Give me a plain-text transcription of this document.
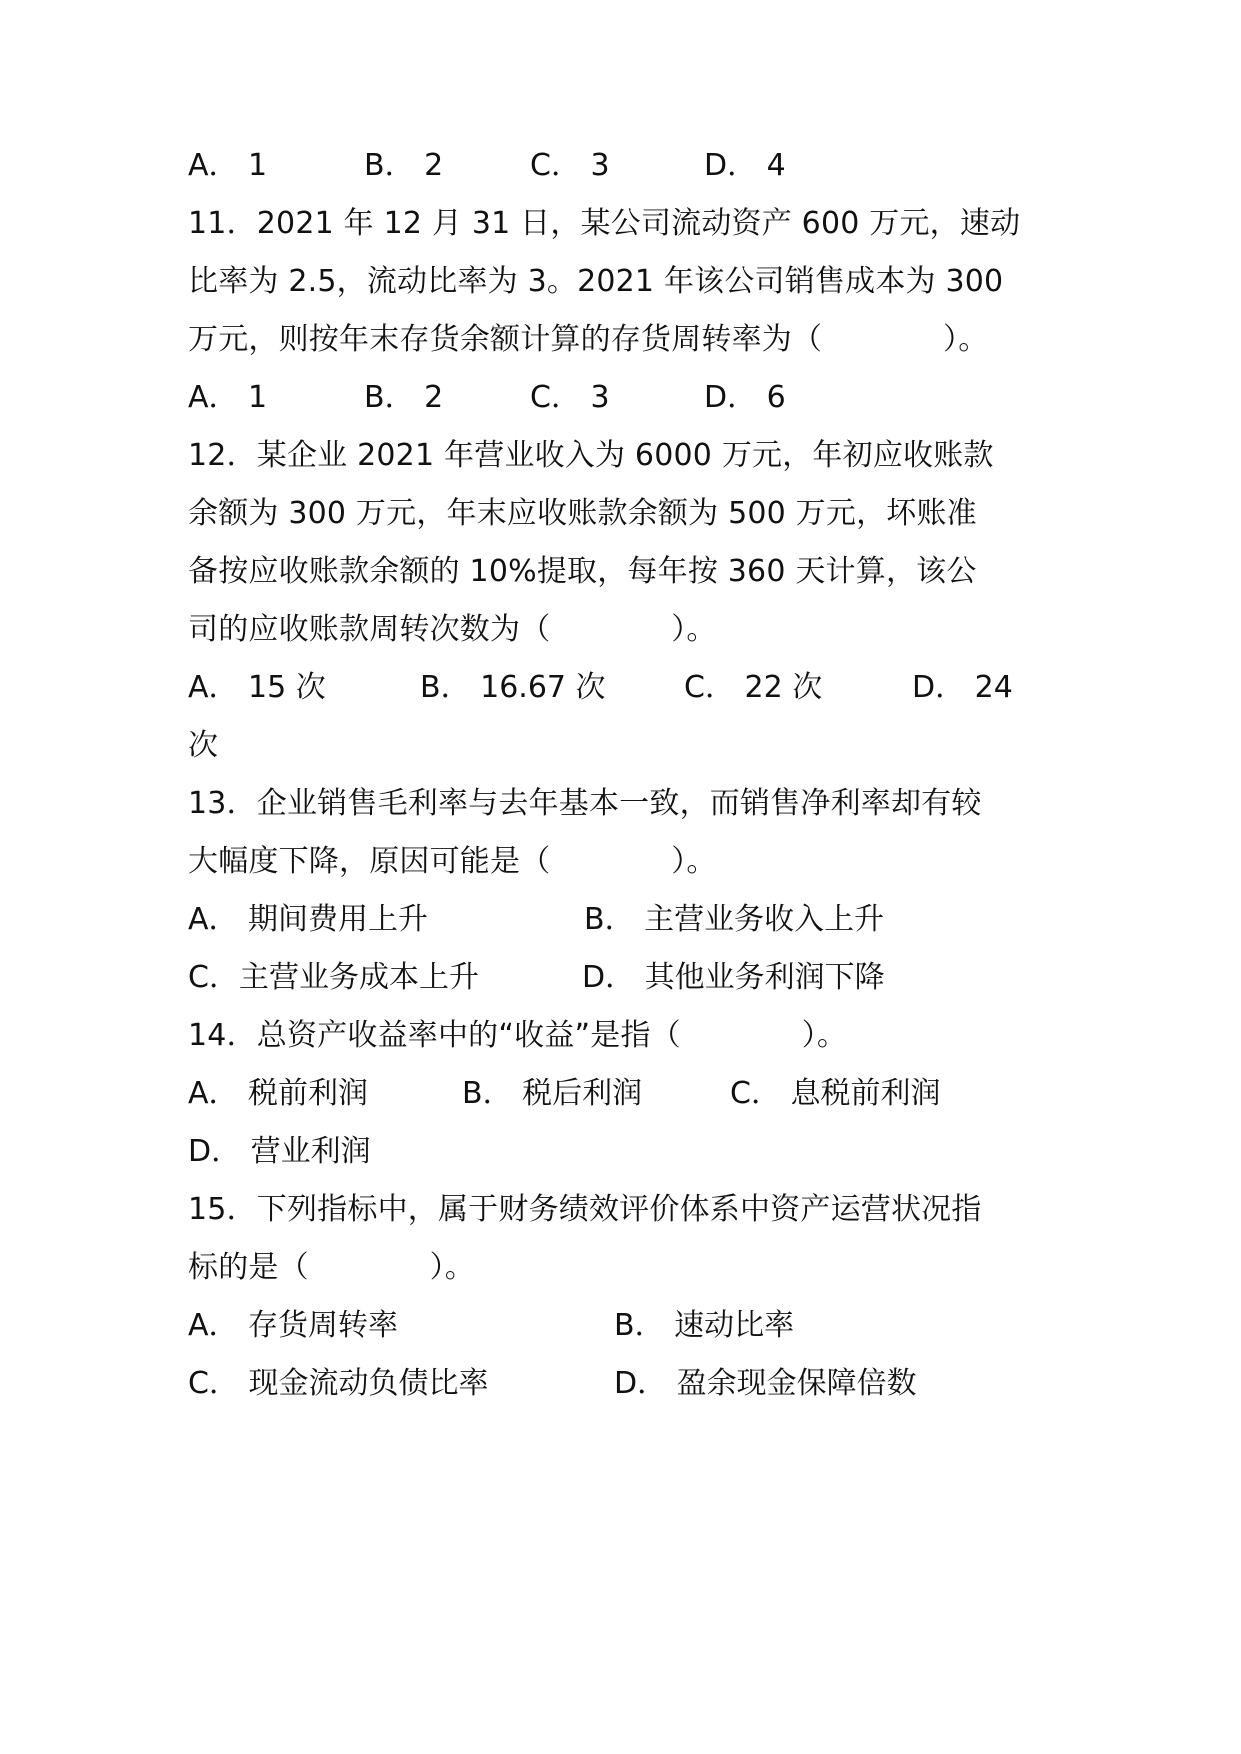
A． 1	B． 2	C． 3	D． 4
11．2021 年 12 月 31 日，某公司流动资产 600 万元，速动
比率为 2.5，流动比率为 3。2021 年该公司销售成本为 300
万元，则按年末存货余额计算的存货周转率为（　　　　）。
A． 1	B． 2	C． 3	D． 6
12．某企业 2021 年营业收入为 6000 万元，年初应收账款
余额为 300 万元，年末应收账款余额为 500 万元，坏账准
备按应收账款余额的 10%提取，每年按 360 天计算，该公
司的应收账款周转次数为（　　　　）。
A． 15 次	B． 16.67 次	C． 22 次	D． 24
次
13．企业销售毛利率与去年基本一致，而销售净利率却有较
大幅度下降，原因可能是（　　　　）。
A． 期间费用上升	B． 主营业务收入上升
C．主营业务成本上升	D． 其他业务利润下降
14．总资产收益率中的“收益”是指（　　　　）。
A． 税前利润	B． 税后利润	C． 息税前利润
D． 营业利润
15．下列指标中，属于财务绩效评价体系中资产运营状况指
标的是（　　　　）。
A． 存货周转率	B． 速动比率
C． 现金流动负债比率	D． 盈余现金保障倍数
